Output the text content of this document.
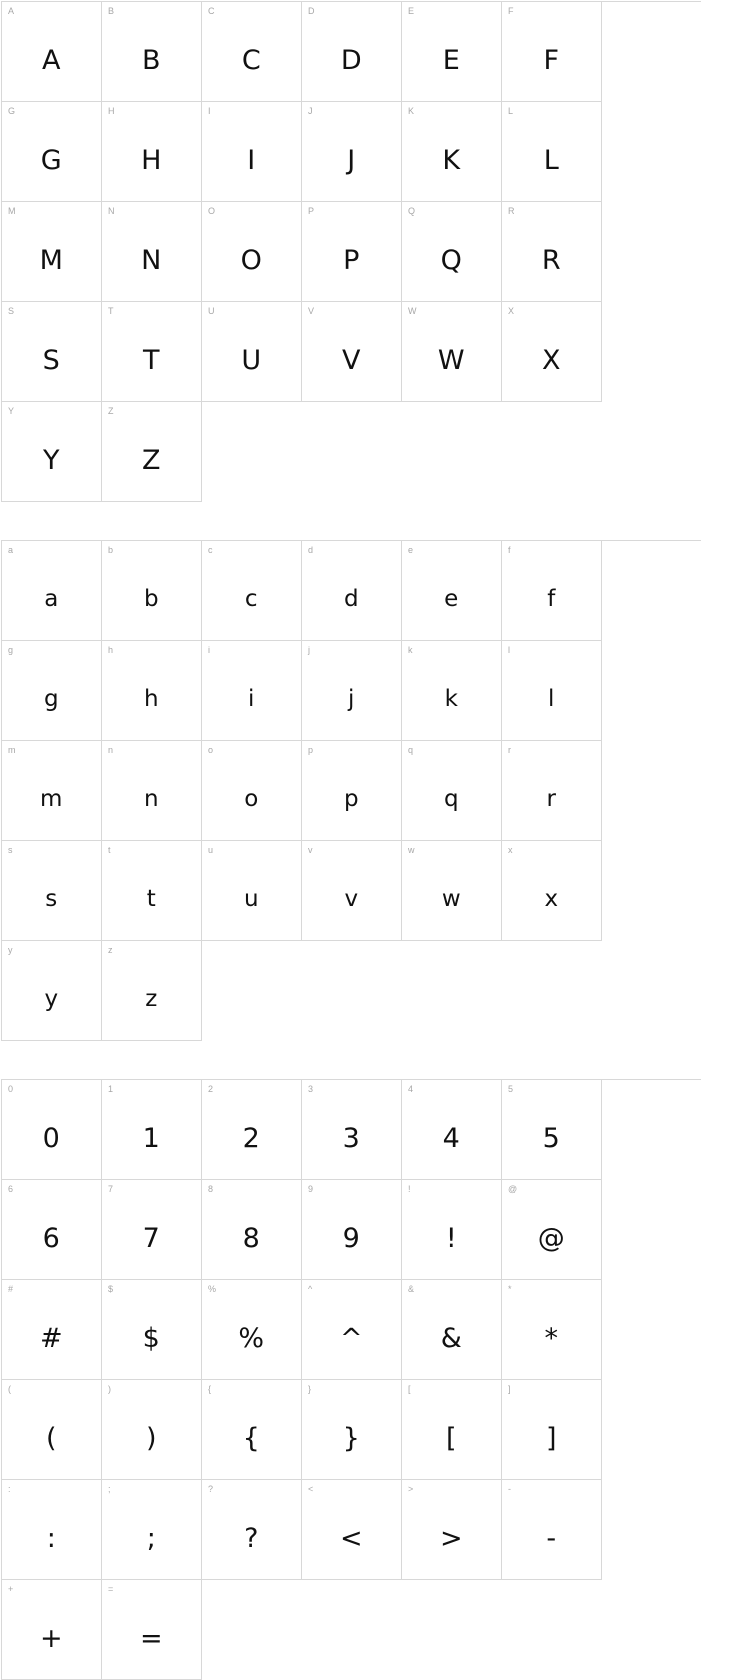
A
A
B
B
C
C
D
D
E
E
F
F
G
G
H
H
I
I
J
J
K
K
L
L
M
M
N
N
O
O
P
P
Q
Q
R
R
S
S
T
T
U
U
V
V
W
W
X
X
Y
Y
Z
Z
a
a
b
b
c
c
d
d
e
e
f
f
g
g
h
h
i
i
j
j
k
k
l
l
m
m
n
n
o
o
p
p
q
q
r
r
s
s
t
t
u
u
v
v
w
w
x
x
y
y
z
z
0
0
1
1
2
2
3
3
4
4
5
5
6
6
7
7
8
8
9
9
!
!
@
@
#
#
$
$
%
%
^
^
&
&
*
*
(
(
)
)
{
{
}
}
[
[
]
]
:
:
;
;
?
?
<
<
>
>
-
-
+
+
=
=
